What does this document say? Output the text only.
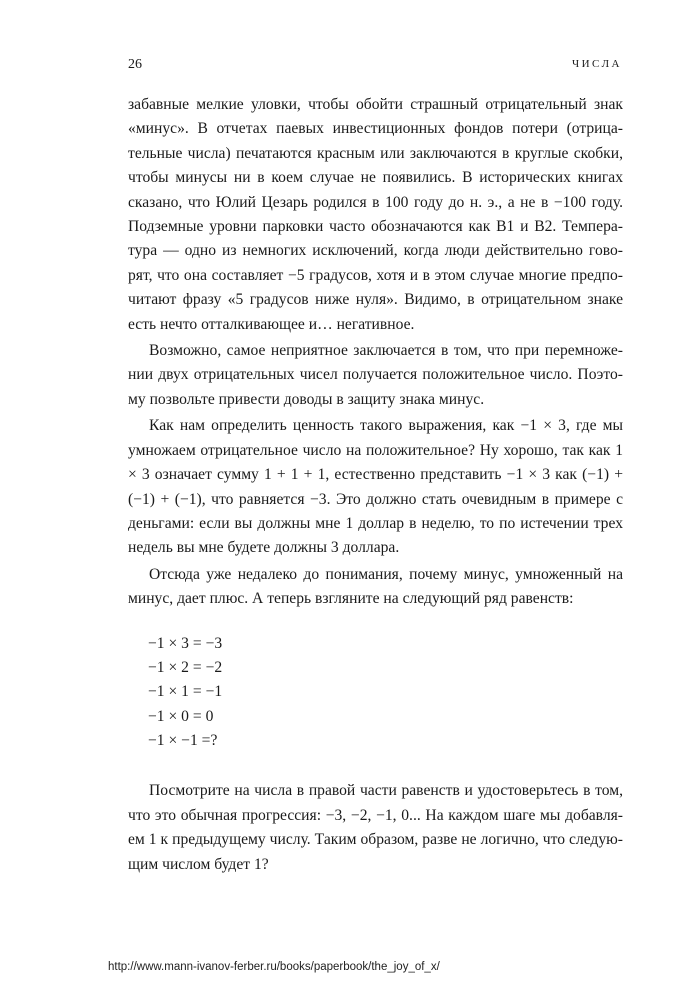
26	ЧИСЛА

забавные мелкие уловки, чтобы обойти страшный отрицательный знак «минус». В отчетах паевых инвестиционных фондов потери (отрицательные числа) печатаются красным или заключаются в круглые скобки, чтобы минусы ни в коем случае не появились. В исторических книгах сказано, что Юлий Цезарь родился в 100 году до н. э., а не в −100 году. Подземные уровни парковки часто обозначаются как B1 и B2. Температура — одно из немногих исключений, когда люди действительно говорят, что она составляет −5 градусов, хотя и в этом случае многие предпочитают фразу «5 градусов ниже нуля». Видимо, в отрицательном знаке есть нечто отталкивающее и… негативное.

Возможно, самое неприятное заключается в том, что при перемножении двух отрицательных чисел получается положительное число. Поэтому позвольте привести доводы в защиту знака минус.

Как нам определить ценность такого выражения, как −1 × 3, где мы умножаем отрицательное число на положительное? Ну хорошо, так как 1 × 3 означает сумму 1 + 1 + 1, естественно представить −1 × 3 как (−1) + (−1) + (−1), что равняется −3. Это должно стать очевидным в примере с деньгами: если вы должны мне 1 доллар в неделю, то по истечении трех недель вы мне будете должны 3 доллара.

Отсюда уже недалеко до понимания, почему минус, умноженный на минус, дает плюс. А теперь взгляните на следующий ряд равенств:

−1 × 3 = −3
−1 × 2 = −2
−1 × 1 = −1
−1 × 0 = 0
−1 × −1 =?

Посмотрите на числа в правой части равенств и удостоверьтесь в том, что это обычная прогрессия: −3, −2, −1, 0... На каждом шаге мы добавляем 1 к предыдущему числу. Таким образом, разве не логично, что следующим числом будет 1?

http://www.mann-ivanov-ferber.ru/books/paperbook/the_joy_of_x/
